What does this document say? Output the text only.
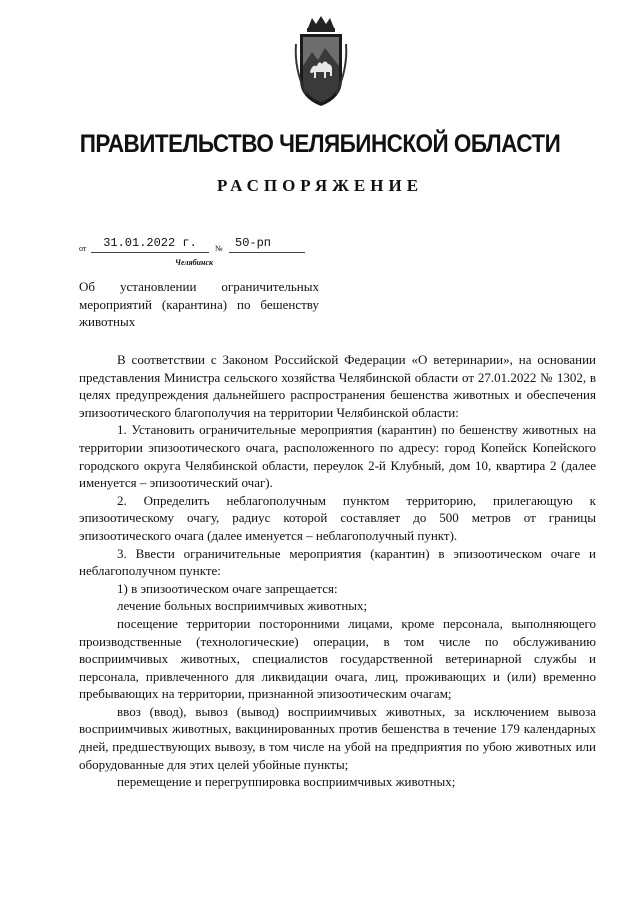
ПРАВИТЕЛЬСТВО ЧЕЛЯБИНСКОЙ ОБЛАСТИ
РАСПОРЯЖЕНИЕ
от	31.01.2022 г.	№	50-рп
Челябинск
Об установлении ограничительных мероприятий (карантина) по бешенству животных

В соответствии с Законом Российской Федерации «О ветеринарии», на основании представления Министра сельского хозяйства Челябинской области от 27.01.2022 № 1302, в целях предупреждения дальнейшего распространения бешенства животных и обеспечения эпизоотического благополучия на территории Челябинской области:

1. Установить ограничительные мероприятия (карантин) по бешенству животных на территории эпизоотического очага, расположенного по адресу: город Копейск Копейского городского округа Челябинской области, переулок 2-й Клубный, дом 10, квартира 2 (далее именуется – эпизоотический очаг).

2. Определить неблагополучным пунктом территорию, прилегающую к эпизоотическому очагу, радиус которой составляет до 500 метров от границы эпизоотического очага (далее именуется – неблагополучный пункт).

3. Ввести ограничительные мероприятия (карантин) в эпизоотическом очаге и неблагополучном пункте:

1) в эпизоотическом очаге запрещается:

лечение больных восприимчивых животных;

посещение территории посторонними лицами, кроме персонала, выполняющего производственные (технологические) операции, в том числе по обслуживанию восприимчивых животных, специалистов государственной ветеринарной службы и персонала, привлеченного для ликвидации очага, лиц, проживающих и (или) временно пребывающих на территории, признанной эпизоотическим очагам;

ввоз (ввод), вывоз (вывод) восприимчивых животных, за исключением вывоза восприимчивых животных, вакцинированных против бешенства в течение 179 календарных дней, предшествующих вывозу, в том числе на убой на предприятия по убою животных или оборудованные для этих целей убойные пункты;

перемещение и перегруппировка восприимчивых животных;
